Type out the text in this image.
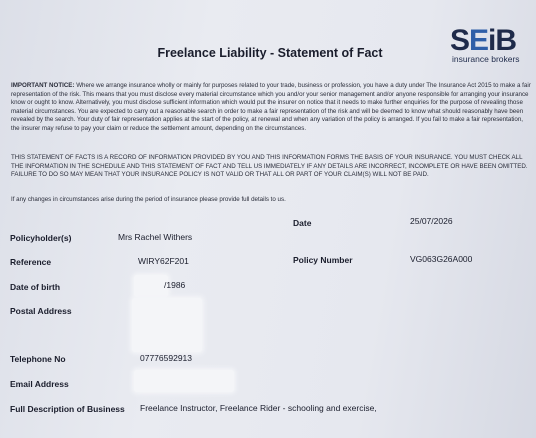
Freelance Liability - Statement of Fact	SEiB
insurance brokers
IMPORTANT NOTICE: Where we arrange insurance wholly or mainly for purposes related to your trade, business or profession, you have a duty under The Insurance Act 2015 to make a fair representation of the risk. This means that you must disclose every material circumstance which you and/or your senior management and/or anyone responsible for arranging your insurance know or ought to know. Alternatively, you must disclose sufficient information which would put the insurer on notice that it needs to make further enquiries for the purpose of revealing those material circumstances. You are expected to carry out a reasonable search in order to make a fair representation of the risk and will be deemed to know what should reasonably have been revealed by the search. Your duty of fair representation applies at the start of the policy, at renewal and when any variation of the policy is arranged. If you fail to make a fair representation, the insurer may refuse to pay your claim or reduce the settlement amount, depending on the circumstances.
THIS STATEMENT OF FACTS IS A RECORD OF INFORMATION PROVIDED BY YOU AND THIS INFORMATION FORMS THE BASIS OF YOUR INSURANCE. YOU MUST CHECK ALL THE INFORMATION IN THE SCHEDULE AND THIS STATEMENT OF FACT AND TELL US IMMEDIATELY IF ANY DETAILS ARE INCORRECT, INCOMPLETE OR HAVE BEEN OMITTED. FAILURE TO DO SO MAY MEAN THAT YOUR INSURANCE POLICY IS NOT VALID OR THAT ALL OR PART OF YOUR CLAIM(S) WILL NOT BE PAID.
If any changes in circumstances arise during the period of insurance please provide full details to us.
Date	25/07/2026
Policyholder(s)	Mrs Rachel Withers
Reference	WIRY62F201	Policy Number	VG063G26A000
Date of birth	/1986
Postal Address
Telephone No	07776592913
Email Address
Full Description of Business Freelance Instructor, Freelance Rider - schooling and exercise,
